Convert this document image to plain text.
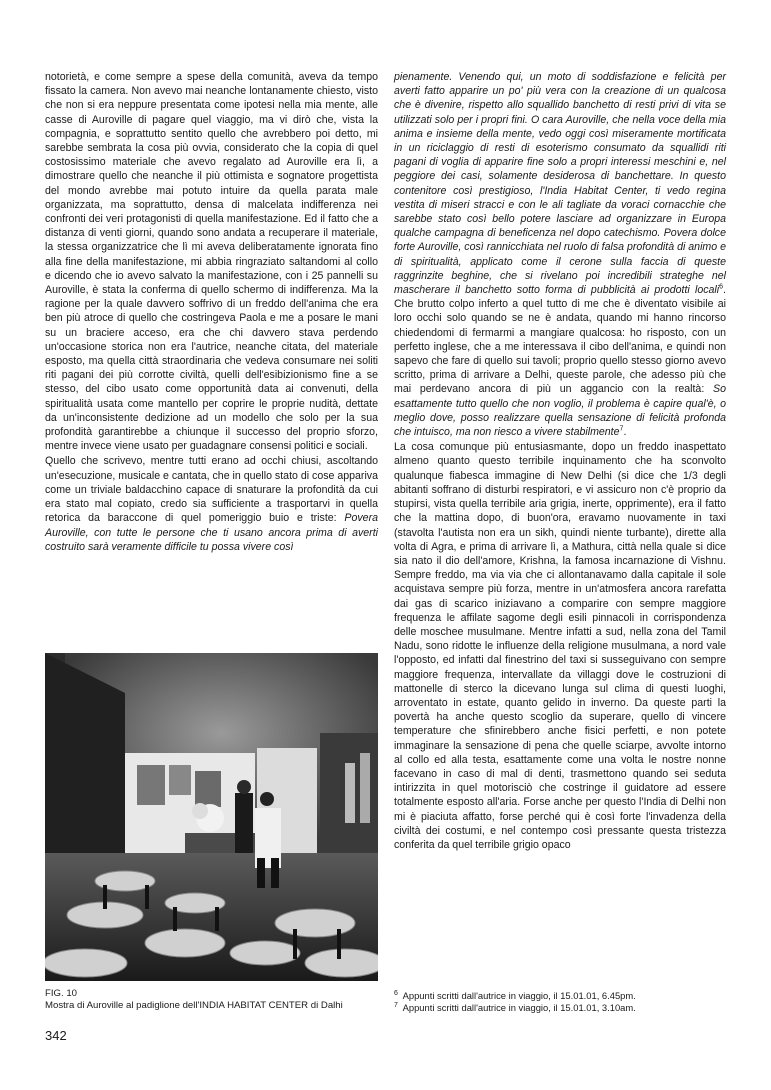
notorietà, e come sempre a spese della comunità, aveva da tempo fissato la camera. Non avevo mai neanche lontanamente chiesto, visto che non si era neppure presentata come ipotesi nella mia mente, alle casse di Auroville di pagare quel viaggio, ma vi dirò che, vista la compagnia, e soprattutto sentito quello che avrebbero poi detto, mi sarebbe sembrata la cosa più ovvia, considerato che la copia di quel costosissimo materiale che avevo regalato ad Auroville era lì, a dimostrare quello che neanche il più ottimista e sognatore progettista del mondo avrebbe mai potuto intuire da quella parata male organizzata, ma soprattutto, densa di malcelata indifferenza nei confronti dei veri protagonisti di quella manifestazione. Ed il fatto che a distanza di venti giorni, quando sono andata a recuperare il materiale, la stessa organizzatrice che lì mi aveva deliberatamente ignorata fino alla fine della manifestazione, mi abbia ringraziato saltandomi al collo e dicendo che io avevo salvato la manifestazione, con i 25 pannelli su Auroville, è stata la conferma di quello schermo di indifferenza. Ma la ragione per la quale davvero soffrivo di un freddo dell'anima che era ben più atroce di quello che costringeva Paola e me a posare le mani su un braciere acceso, era che chi davvero stava perdendo un'occasione storica non era l'autrice, neanche citata, del materiale esposto, ma quella città straordinaria che vedeva consumare nei soliti riti pagani dei più corrotte civiltà, quelli dell'esibizionismo fine a se stesso, del cibo usato come opportunità data ai convenuti, della spiritualità usata come mantello per coprire le proprie nudità, dettate da un'inconsistente dedizione ad un modello che solo per la sua profondità garantirebbe a chiunque il successo del proprio sforzo, mentre invece viene usato per guadagnare consensi politici e sociali.

Quello che scrivevo, mentre tutti erano ad occhi chiusi, ascoltando un'esecuzione, musicale e cantata, che in quello stato di cose appariva come un triviale baldacchino capace di snaturare la profondità da cui era stato mal copiato, credo sia sufficiente a trasportarvi in quella retorica da baraccone di quel pomeriggio buio e triste: Povera Auroville, con tutte le persone che ti usano ancora prima di averti costruito sarà veramente difficile tu possa vivere così

pienamente. Venendo qui, un moto di soddisfazione e felicità per averti fatto apparire un po' più vera con la creazione di un qualcosa che è divenire, rispetto allo squallido banchetto di resti privi di vita se utilizzati solo per i propri fini. O cara Auroville, che nella voce della mia anima e insieme della mente, vedo oggi così miseramente mortificata in un riciclaggio di resti di esoterismo consumato da squallidi riti pagani di voglia di apparire fine solo a propri interessi meschini e, nel peggiore dei casi, solamente desiderosa di banchettare. In questo contenitore così prestigioso, l'India Habitat Center, ti vedo regina vestita di miseri stracci e con le ali tagliate da voraci cornacchie che sarebbe stato così bello potere lasciare ad organizzare in Europa qualche campagna di beneficenza nel dopo catechismo. Povera dolce forte Auroville, così rannicchiata nel ruolo di falsa profondità di animo e di spiritualità, applicato come il cerone sulla faccia di queste raggrinzite beghine, che si rivelano poi incredibili strateghe nel mascherare il banchetto sotto forma di pubblicità ai prodotti locali$^6$. Che brutto colpo inferto a quel tutto di me che è diventato visibile ai loro occhi solo quando se ne è andata, quando mi hanno rincorso chiedendomi di fermarmi a mangiare qualcosa: ho risposto, con un perfetto inglese, che a me interessava il cibo dell'anima, e quindi non sapevo che fare di quello sui tavoli; proprio quello stesso giorno avevo scritto, prima di arrivare a Delhi, queste parole, che adesso più che mai perdevano ancora di più un aggancio con la realtà: So esattamente tutto quello che non voglio, il problema è capire qual'è, o meglio dove, posso realizzare quella sensazione di felicità profonda che intuisco, ma non riesco a vivere stabilmente$^7$.

La cosa comunque più entusiasmante, dopo un freddo inaspettato almeno quanto questo terribile inquinamento che ha sconvolto qualunque fiabesca immagine di New Delhi (si dice che 1/3 degli abitanti soffrano di disturbi respiratori, e vi assicuro non c'è proprio da stupirsi, vista quella terribile aria grigia, inerte, opprimente), era il fatto che la mattina dopo, di buon'ora, eravamo nuovamente in taxi (stavolta l'autista non era un sikh, quindi niente turbante), dirette alla volta di Agra, e prima di arrivare lì, a Mathura, città nella quale si dice sia nato il dio dell'amore, Krishna, la famosa incarnazione di Vishnu. Sempre freddo, ma via via che ci allontanavamo dalla capitale il sole acquistava sempre più forza, mentre in un'atmosfera ancora rarefatta dai gas di scarico iniziavano a comparire con sempre maggiore frequenza le affilate sagome degli esili pinnacoli in corrispondenza delle moschee musulmane. Mentre infatti a sud, nella zona del Tamil Nadu, sono ridotte le influenze della religione musulmana, a nord vale l'opposto, ed infatti dal finestrino del taxi si susseguivano con sempre maggiore frequenza, intervallate da villaggi dove le costruzioni di mattonelle di sterco la dicevano lunga sul clima di questi luoghi, arroventato in estate, quanto gelido in inverno. Da queste parti la povertà ha anche questo scoglio da superare, quello di vincere temperature che sfinirebbero anche fisici perfetti, e non potete immaginare la sensazione di pena che quelle sciarpe, avvolte intorno al collo ed alla testa, esattamente come una volta le nostre nonne facevano in caso di mal di denti, trasmettono quando sei seduta intirizzita in quel motorisciò che costringe il guidatore ad essere totalmente esposto all'aria. Forse anche per questo l'India di Delhi non mi è piaciuta affatto, forse perché qui è così forte l'invadenza della civiltà dei costumi, e nel contempo così pressante questa tristezza conferita da quel terribile grigio opaco

FIG. 10
Mostra di Auroville al padiglione dell'INDIA HABITAT CENTER di Dalhi
$^6$ Appunti scritti dall'autrice in viaggio, il 15.01.01, 6.45pm.
$^7$ Appunti scritti dall'autrice in viaggio, il 15.01.01, 3.10am.
342
